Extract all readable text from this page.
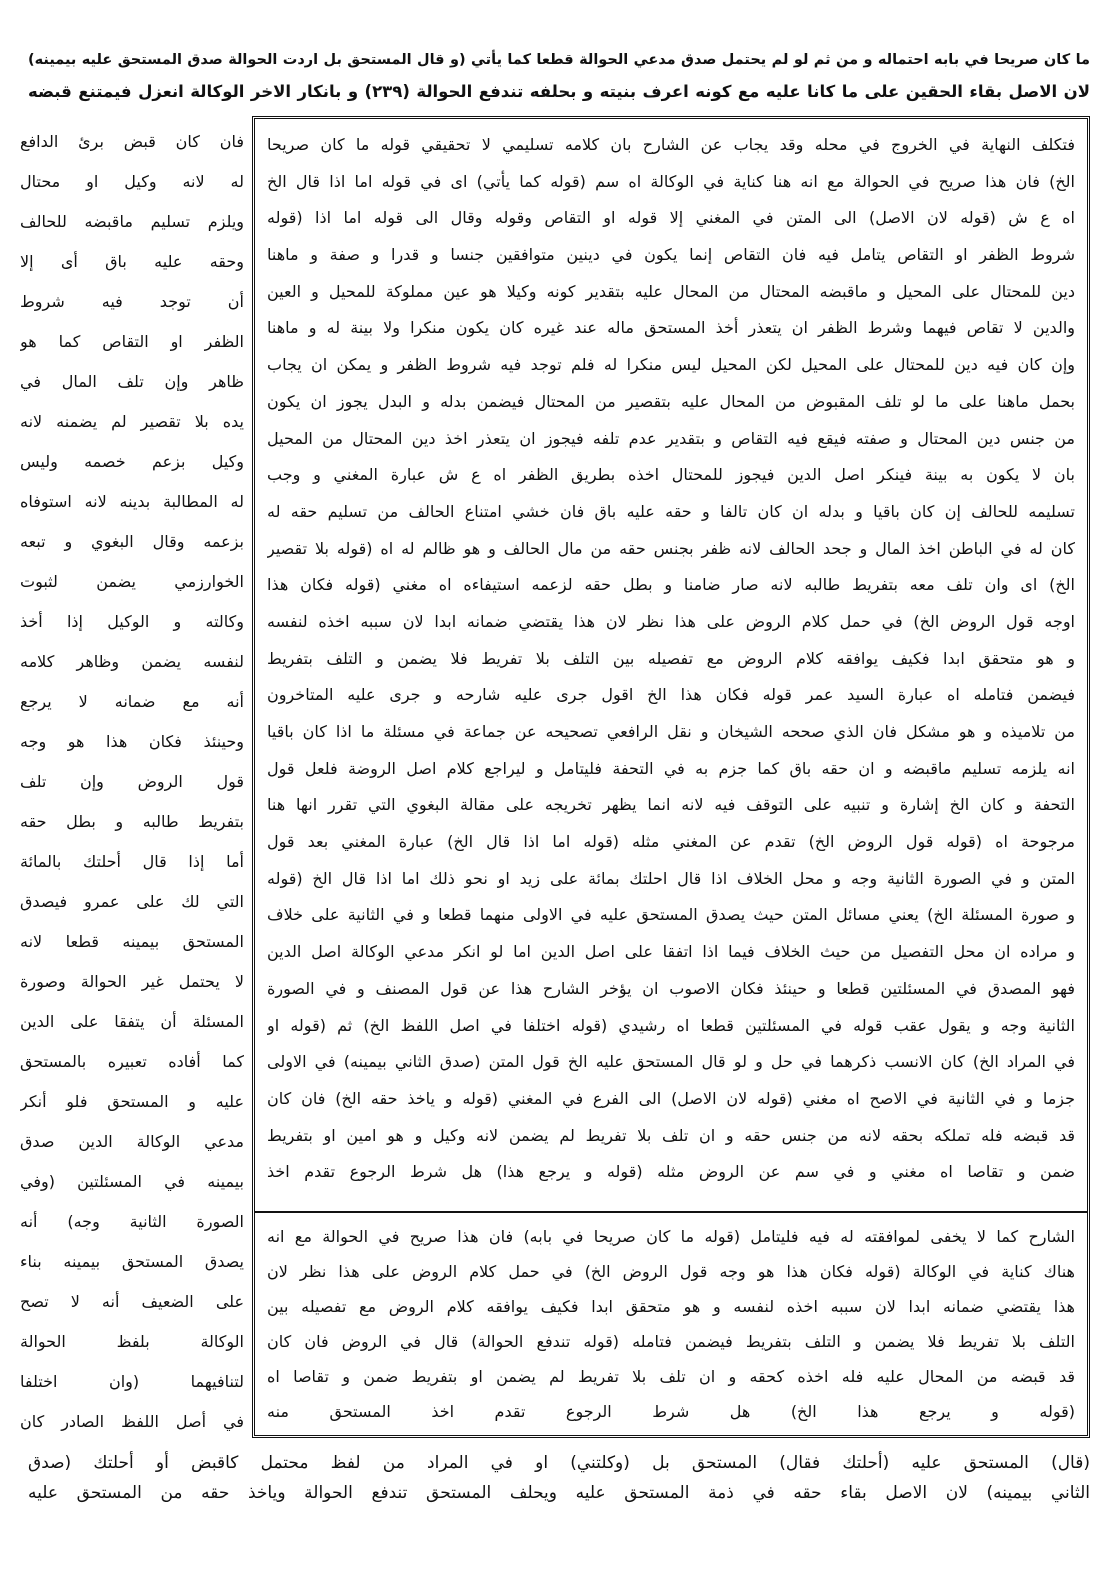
ما كان صريحا في بابه احتماله و من ثم لو لم يحتمل صدق مدعي الحوالة قطعا كما يأتي (و قال المستحق بل اردت الحوالة صدق المستحق عليه بيمينه)
لان الاصل بقاء الحقين على ما كانا عليه مع كونه اعرف بنيته و بحلفه تندفع الحوالة (٢٣٩) و بانكار الاخر الوكالة انعزل فيمتنع قبضه
فان كان قبض برئ الدافع
له لانه وكيل او محتال
ويلزم تسليم ماقبضه للحالف
وحقه عليه باق أى إلا
أن توجد فيه شروط
الظفر او التقاص كما هو
ظاهر وإن تلف المال في
يده بلا تقصير لم يضمنه لانه
وكيل بزعم خصمه وليس
له المطالبة بدينه لانه استوفاه
بزعمه وقال البغوي و تبعه
الخوارزمي يضمن لثبوت
وكالته و الوكيل إذا أخذ
لنفسه يضمن وظاهر كلامه
أنه مع ضمانه لا يرجع
وحينئذ فكان هذا هو وجه
قول الروض وإن تلف
بتفريط طالبه و بطل حقه
أما إذا قال أحلتك بالمائة
التي لك على عمرو فيصدق
المستحق بيمينه قطعا لانه
لا يحتمل غير الحوالة وصورة
المسئلة أن يتفقا على الدين
كما أفاده تعبيره بالمستحق
عليه و المستحق فلو أنكر
مدعي الوكالة الدين صدق
بيمينه في المسئلتين (وفي
الصورة الثانية وجه) أنه
يصدق المستحق بيمينه بناء
على الضعيف أنه لا تصح
الوكالة بلفظ الحوالة
لتنافيهما (وان اختلفا
في أصل اللفظ الصادر كان
فتكلف النهاية في الخروج في محله وقد يجاب عن الشارح بان كلامه تسليمي لا تحقيقي قوله ما كان صريحا
الخ) فان هذا صريح في الحوالة مع انه هنا كناية في الوكالة اه سم (قوله كما يأتي) اى في قوله اما اذا قال الخ
اه ع ش (قوله لان الاصل) الى المتن في المغني إلا قوله او التقاص وقوله وقال الى قوله اما اذا (قوله
شروط الظفر او التقاص يتامل فيه فان التقاص إنما يكون في دينين متوافقين جنسا و قدرا و صفة و ماهنا
دين للمحتال على المحيل و ماقبضه المحتال من المحال عليه بتقدير كونه وكيلا هو عين مملوكة للمحيل و العين
والدين لا تقاص فيهما وشرط الظفر ان يتعذر أخذ المستحق ماله عند غيره كان يكون منكرا ولا بينة له و ماهنا
وإن كان فيه دين للمحتال على المحيل لكن المحيل ليس منكرا له فلم توجد فيه شروط الظفر و يمكن ان يجاب
بحمل ماهنا على ما لو تلف المقبوض من المحال عليه بتقصير من المحتال فيضمن بدله و البدل يجوز ان يكون
من جنس دين المحتال و صفته فيقع فيه التقاص و بتقدير عدم تلفه فيجوز ان يتعذر اخذ دين المحتال من المحيل
بان لا يكون به بينة فينكر اصل الدين فيجوز للمحتال اخذه بطريق الظفر اه ع ش عبارة المغني و وجب
تسليمه للحالف إن كان باقيا و بدله ان كان تالفا و حقه عليه باق فان خشي امتناع الحالف من تسليم حقه له
كان له في الباطن اخذ المال و جحد الحالف لانه ظفر بجنس حقه من مال الحالف و هو ظالم له اه (قوله بلا تقصير
الخ) اى وان تلف معه بتفريط طالبه لانه صار ضامنا و بطل حقه لزعمه استيفاءه اه مغني (قوله فكان هذا
اوجه قول الروض الخ) في حمل كلام الروض على هذا نظر لان هذا يقتضي ضمانه ابدا لان سببه اخذه لنفسه
و هو متحقق ابدا فكيف يوافقه كلام الروض مع تفصيله بين التلف بلا تفريط فلا يضمن و التلف بتفريط
فيضمن فتامله اه عبارة السيد عمر قوله فكان هذا الخ اقول جرى عليه شارحه و جرى عليه المتاخرون
من تلاميذه و هو مشكل فان الذي صححه الشيخان و نقل الرافعي تصحيحه عن جماعة في مسئلة ما اذا كان باقيا
انه يلزمه تسليم ماقبضه و ان حقه باق كما جزم به في التحفة فليتامل و ليراجع كلام اصل الروضة فلعل قول
التحفة و كان الخ إشارة و تنبيه على التوقف فيه لانه انما يظهر تخريجه على مقالة البغوي التي تقرر انها هنا
مرجوحة اه (قوله قول الروض الخ) تقدم عن المغني مثله (قوله اما اذا قال الخ) عبارة المغني بعد قول
المتن و في الصورة الثانية وجه و محل الخلاف اذا قال احلتك بمائة على زيد او نحو ذلك اما اذا قال الخ (قوله
و صورة المسئلة الخ) يعني مسائل المتن حيث يصدق المستحق عليه في الاولى منهما قطعا و في الثانية على خلاف
و مراده ان محل التفصيل من حيث الخلاف فيما اذا اتفقا على اصل الدين اما لو انكر مدعي الوكالة اصل الدين
فهو المصدق في المسئلتين قطعا و حينئذ فكان الاصوب ان يؤخر الشارح هذا عن قول المصنف و في الصورة
الثانية وجه و يقول عقب قوله في المسئلتين قطعا اه رشيدي (قوله اختلفا في اصل اللفظ الخ) ثم (قوله او
في المراد الخ) كان الانسب ذكرهما في حل و لو قال المستحق عليه الخ قول المتن (صدق الثاني بيمينه) في الاولى
جزما و في الثانية في الاصح اه مغني (قوله لان الاصل) الى الفرع في المغني (قوله و ياخذ حقه الخ) فان كان
قد قبضه فله تملكه بحقه لانه من جنس حقه و ان تلف بلا تفريط لم يضمن لانه وكيل و هو امين او بتفريط
ضمن و تقاصا اه مغني و في سم عن الروض مثله (قوله و يرجع هذا) هل شرط الرجوع تقدم اخذ
الشارح كما لا يخفى لموافقته له فيه فليتامل (قوله ما كان صريحا في بابه) فان هذا صريح في الحوالة مع انه
هناك كناية في الوكالة (قوله فكان هذا هو وجه قول الروض الخ) في حمل كلام الروض على هذا نظر لان
هذا يقتضي ضمانه ابدا لان سببه اخذه لنفسه و هو متحقق ابدا فكيف يوافقه كلام الروض مع تفصيله بين
التلف بلا تفريط فلا يضمن و التلف بتفريط فيضمن فتامله (قوله تندفع الحوالة) قال في الروض فان كان
قد قبضه من المحال عليه فله اخذه كحقه و ان تلف بلا تفريط لم يضمن او بتفريط ضمن و تقاصا اه
(قوله و يرجع هذا الخ) هل شرط الرجوع تقدم اخذ المستحق منه
(قال) المستحق عليه (أحلتك فقال) المستحق بل (وكلتني) او في المراد من لفظ محتمل كاقبض أو أحلتك (صدق
الثاني بيمينه) لان الاصل بقاء حقه في ذمة المستحق عليه ويحلف المستحق تندفع الحوالة وياخذ حقه من المستحق عليه
